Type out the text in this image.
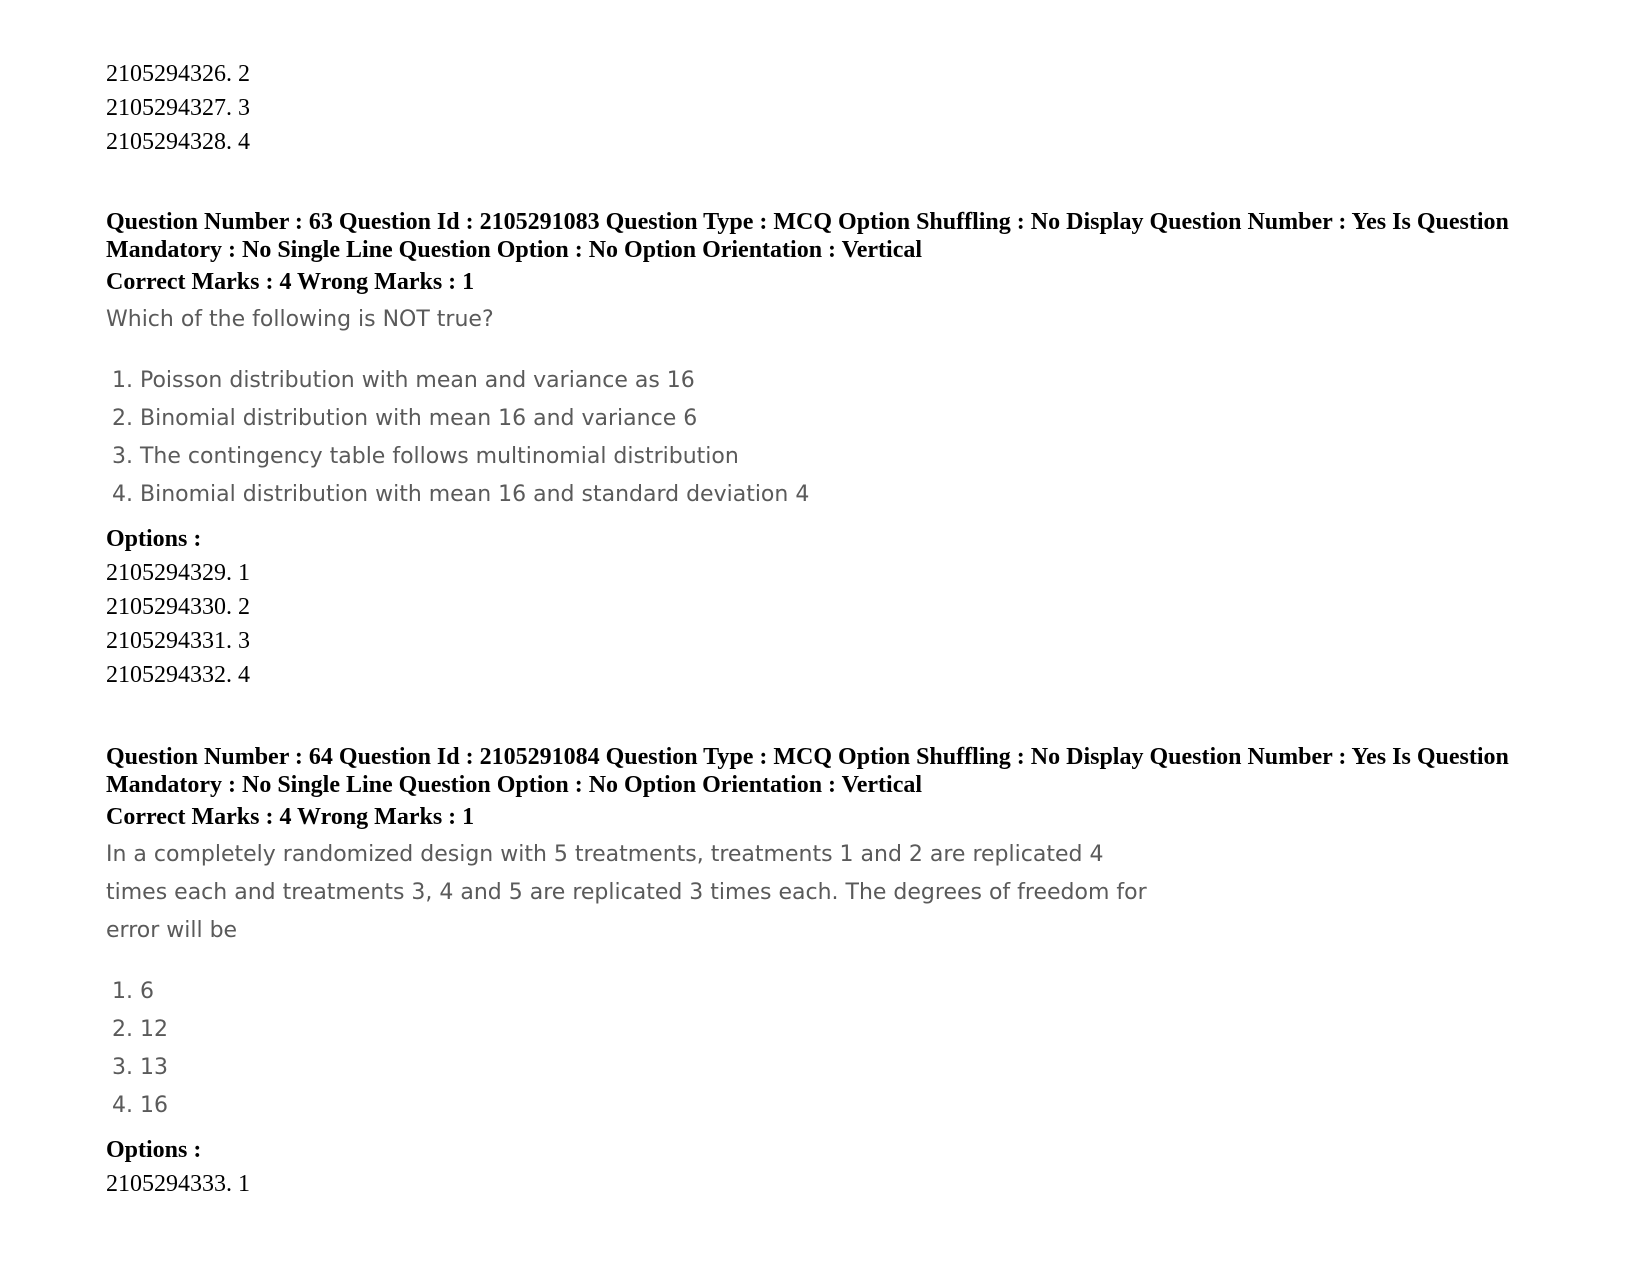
2105294326. 2
2105294327. 3
2105294328. 4
Question Number : 63 Question Id : 2105291083 Question Type : MCQ Option Shuffling : No Display Question Number : Yes Is Question Mandatory : No Single Line Question Option : No Option Orientation : Vertical
Correct Marks : 4 Wrong Marks : 1
Which of the following is NOT true?
1. Poisson distribution with mean and variance as 16
2. Binomial distribution with mean 16 and variance 6
3. The contingency table follows multinomial distribution
4. Binomial distribution with mean 16 and standard deviation 4
Options :
2105294329. 1
2105294330. 2
2105294331. 3
2105294332. 4
Question Number : 64 Question Id : 2105291084 Question Type : MCQ Option Shuffling : No Display Question Number : Yes Is Question Mandatory : No Single Line Question Option : No Option Orientation : Vertical
Correct Marks : 4 Wrong Marks : 1
In a completely randomized design with 5 treatments, treatments 1 and 2 are replicated 4 times each and treatments 3, 4 and 5 are replicated 3 times each. The degrees of freedom for error will be
1. 6
2. 12
3. 13
4. 16
Options :
2105294333. 1
